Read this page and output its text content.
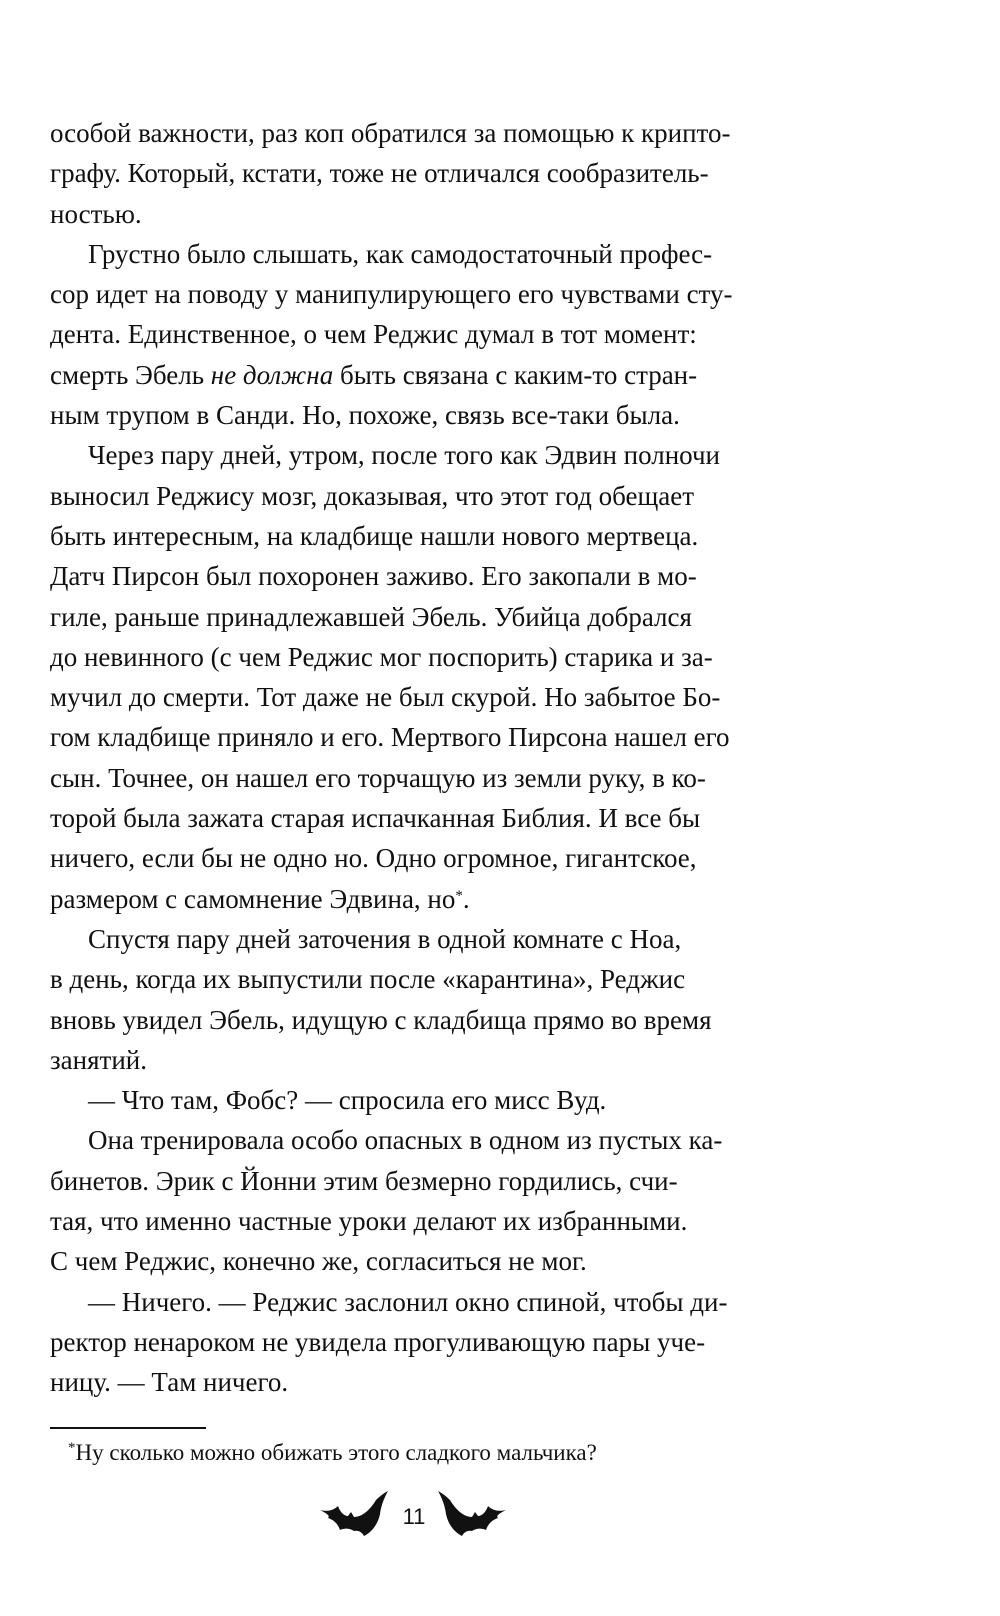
особой важности, раз коп обратился за помощью к крипто-

графу. Который, кстати, тоже не отличался сообразитель-

ностью.

Грустно было слышать, как самодостаточный профес-

сор идет на поводу у манипулирующего его чувствами сту-

дента. Единственное, о чем Реджис думал в тот момент:

смерть Эбель не должна быть связана с каким-то стран-

ным трупом в Санди. Но, похоже, связь все-таки была.

Через пару дней, утром, после того как Эдвин полночи

выносил Реджису мозг, доказывая, что этот год обещает

быть интересным, на кладбище нашли нового мертвеца.

Датч Пирсон был похоронен заживо. Его закопали в мо-

гиле, раньше принадлежавшей Эбель. Убийца добрался

до невинного (с чем Реджис мог поспорить) старика и за-

мучил до смерти. Тот даже не был скурой. Но забытое Бо-

гом кладбище приняло и его. Мертвого Пирсона нашел его

сын. Точнее, он нашел его торчащую из земли руку, в ко-

торой была зажата старая испачканная Библия. И все бы

ничего, если бы не одно но. Одно огромное, гигантское,

размером с самомнение Эдвина, но*.

Спустя пару дней заточения в одной комнате с Ноа,

в день, когда их выпустили после «карантина», Реджис

вновь увидел Эбель, идущую с кладбища прямо во время

занятий.

— Что там, Фобс? — спросила его мисс Вуд.

Она тренировала особо опасных в одном из пустых ка-

бинетов. Эрик с Йонни этим безмерно гордились, счи-

тая, что именно частные уроки делают их избранными.

С чем Реджис, конечно же, согласиться не мог.

— Ничего. — Реджис заслонил окно спиной, чтобы ди-

ректор ненароком не увидела прогуливающую пары уче-

ницу. — Там ничего.

*Ну сколько можно обижать этого сладкого мальчика?
11
